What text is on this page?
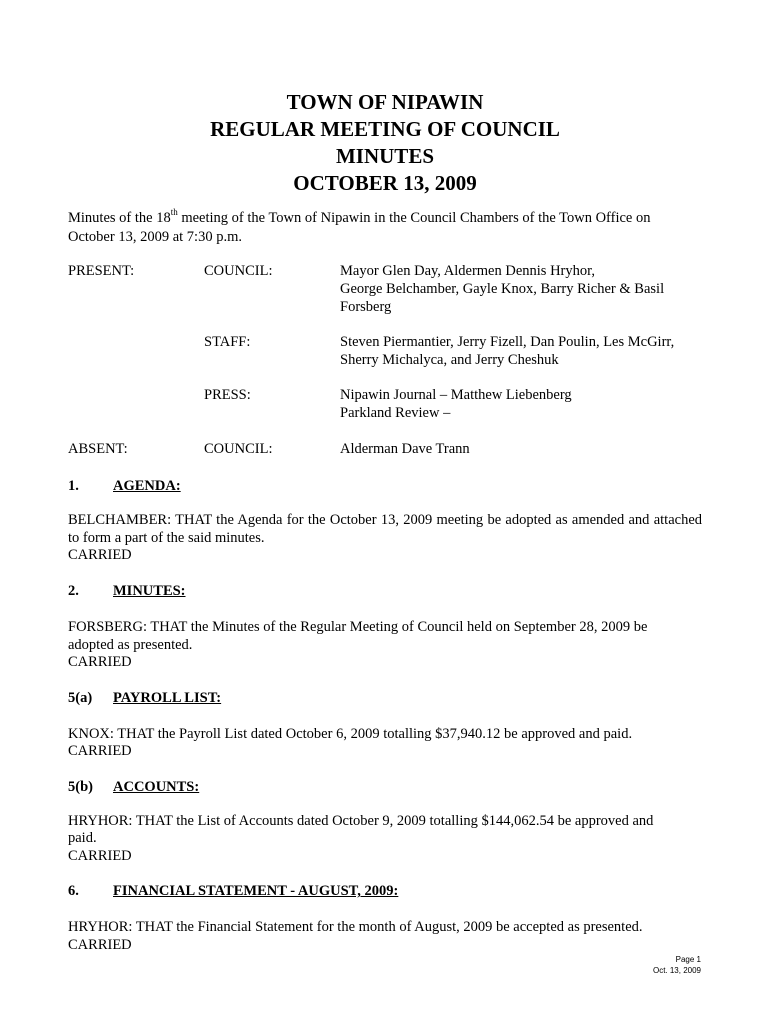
TOWN OF NIPAWIN
REGULAR MEETING OF COUNCIL
MINUTES
OCTOBER 13, 2009
Minutes of the 18th meeting of the Town of Nipawin in the Council Chambers of the Town Office on
October 13, 2009 at 7:30 p.m.
PRESENT:	COUNCIL:	Mayor Glen Day, Aldermen Dennis Hryhor,
George Belchamber, Gayle Knox, Barry Richer & Basil
Forsberg
STAFF:	Steven Piermantier, Jerry Fizell, Dan Poulin, Les McGirr,
Sherry Michalyca, and Jerry Cheshuk
PRESS:	Nipawin Journal – Matthew Liebenberg
Parkland Review –
ABSENT:	COUNCIL:	Alderman Dave Trann
1. AGENDA:
BELCHAMBER: THAT the Agenda for the October 13, 2009 meeting be adopted as amended and attached to form a part of the said minutes.
CARRIED
2. MINUTES:
FORSBERG: THAT the Minutes of the Regular Meeting of Council held on September 28, 2009 be
adopted as presented.
CARRIED
5(a) PAYROLL LIST:
KNOX: THAT the Payroll List dated October 6, 2009 totalling $37,940.12 be approved and paid.
CARRIED
5(b) ACCOUNTS:
HRYHOR: THAT the List of Accounts dated October 9, 2009 totalling $144,062.54 be approved and
paid.
CARRIED
6. FINANCIAL STATEMENT - AUGUST, 2009:
HRYHOR: THAT the Financial Statement for the month of August, 2009 be accepted as presented.
CARRIED
Page 1
Oct. 13, 2009
